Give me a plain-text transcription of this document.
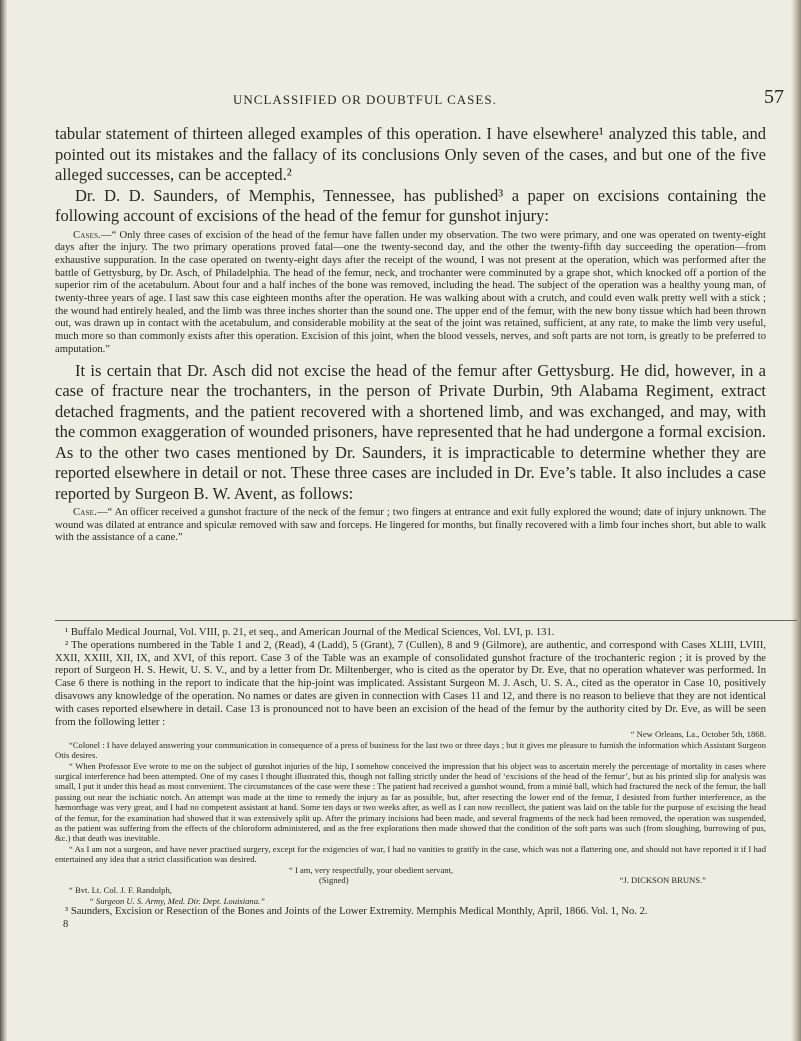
UNCLASSIFIED OR DOUBTFUL CASES.	57

tabular statement of thirteen alleged examples of this operation. I have elsewhere¹ analyzed this table, and pointed out its mistakes and the fallacy of its conclusions Only seven of the cases, and but one of the five alleged successes, can be accepted.²

Dr. D. D. Saunders, of Memphis, Tennessee, has published³ a paper on excisions containing the following account of excisions of the head of the femur for gunshot injury:

Cases.—“ Only three cases of excision of the head of the femur have fallen under my observation. The two were primary, and one was operated on twenty-eight days after the injury. The two primary operations proved fatal—one the twenty-second day, and the other the twenty-fifth day succeeding the operation—from exhaustive suppuration. In the case operated on twenty-eight days after the receipt of the wound, I was not present at the operation, which was performed after the battle of Gettysburg, by Dr. Asch, of Philadelphia. The head of the femur, neck, and trochanter were comminuted by a grape shot, which knocked off a portion of the superior rim of the acetabulum. About four and a half inches of the bone was removed, including the head. The subject of the operation was a healthy young man, of twenty-three years of age. I last saw this case eighteen months after the operation. He was walking about with a crutch, and could even walk pretty well with a stick ; the wound had entirely healed, and the limb was three inches shorter than the sound one. The upper end of the femur, with the new bony tissue which had been thrown out, was drawn up in contact with the acetabulum, and considerable mobility at the seat of the joint was retained, sufficient, at any rate, to make the limb very useful, much more so than commonly exists after this operation. Excision of this joint, when the blood vessels, nerves, and soft parts are not torn, is greatly to be preferred to amputation.”

It is certain that Dr. Asch did not excise the head of the femur after Gettysburg. He did, however, in a case of fracture near the trochanters, in the person of Private Durbin, 9th Alabama Regiment, extract detached fragments, and the patient recovered with a shortened limb, and was exchanged, and may, with the common exaggeration of wounded prisoners, have represented that he had undergone a formal excision. As to the other two cases mentioned by Dr. Saunders, it is impracticable to determine whether they are reported elsewhere in detail or not. These three cases are included in Dr. Eve’s table. It also includes a case reported by Surgeon B. W. Avent, as follows:

Case.—“ An officer received a gunshot fracture of the neck of the femur ; two fingers at entrance and exit fully explored the wound; date of injury unknown. The wound was dilated at entrance and spiculæ removed with saw and forceps. He lingered for months, but finally recovered with a limb four inches short, but able to walk with the assistance of a cane.”

¹ Buffalo Medical Journal, Vol. VIII, p. 21, et seq., and American Journal of the Medical Sciences, Vol. LVI, p. 131.

² The operations numbered in the Table 1 and 2, (Read), 4 (Ladd), 5 (Grant), 7 (Cullen), 8 and 9 (Gilmore), are authentic, and correspond with Cases XLIII, LVIII, XXII, XXIII, XII, IX, and XVI, of this report. Case 3 of the Table was an example of consolidated gunshot fracture of the trochanteric region ; it is proved by the report of Surgeon H. S. Hewit, U. S. V., and by a letter from Dr. Miltenberger, who is cited as the operator by Dr. Eve, that no operation whatever was performed. In Case 6 there is nothing in the report to indicate that the hip-joint was implicated. Assistant Surgeon M. J. Asch, U. S. A., cited as the operator in Case 10, positively disavows any knowledge of the operation. No names or dates are given in connection with Cases 11 and 12, and there is no reason to believe that they are not identical with cases reported elsewhere in detail. Case 13 is pronounced not to have been an excision of the head of the femur by the authority cited by Dr. Eve, as will be seen from the following letter :

“ New Orleans, La., October 5th, 1868.

“Colonel : I have delayed answering your communication in consequence of a press of business for the last two or three days ; but it gives me pleasure to furnish the information which Assistant Surgeon Otis desires.

“ When Professor Eve wrote to me on the subject of gunshot injuries of the hip, I somehow conceived the impression that his object was to ascertain merely the percentage of mortality in cases where surgical interference had been attempted. One of my cases I thought illustrated this, though not falling strictly under the head of ‘excisions of the head of the femur’, but as his printed slip for analysis was small, I put it under this head as most convenient. The circumstances of the case were these : The patient had received a gunshot wound, from a minié ball, which had fractured the neck of the femur, the ball passing out near the ischiatic notch. An attempt was made at the time to remedy the injury as far as possible, but, after resecting the lower end of the femur, I desisted from further interference, as the hæmorrhage was very great, and I had no competent assistant at hand. Some ten days or two weeks after, as well as I can now recollect, the patient was laid on the table for the purpose of excising the head of the femur, for the examination had showed that it was extensively split up. After the primary incisions had been made, and several fragments of the neck had been removed, the operation was suspended, as the patient was suffering from the effects of the chloroform administered, and as the free explorations then made showed that the condition of the soft parts was such (from sloughing, burrowing of pus, &c.) that death was inevitable.

“ As I am not a surgeon, and have never practised surgery, except for the exigencies of war, I had no vanities to gratify in the case, which was not a flattering one, and should not have reported it if I had entertained any idea that a strict classification was desired.

“ I am, very respectfully, your obedient servant,

(Signed)	“J. DICKSON BRUNS.”

“ Bvt. Lt. Col. J. F. Randolph,

“ Surgeon U. S. Army, Med. Dir. Dept. Louisiana.”

³ Saunders, Excision or Resection of the Bones and Joints of the Lower Extremity. Memphis Medical Monthly, April, 1866. Vol. 1, No. 2.

8
